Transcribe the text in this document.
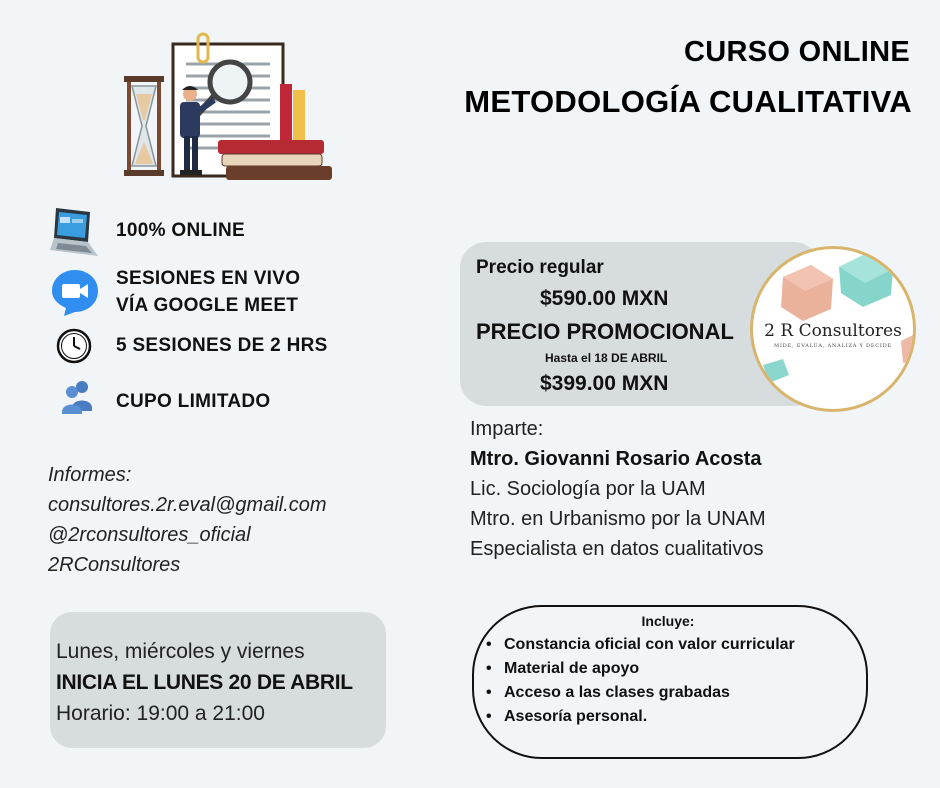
CURSO ONLINE
METODOLOGÍA CUALITATIVA
100% ONLINE
SESIONES EN VIVO
VÍA GOOGLE MEET
5 SESIONES DE 2 HRS
CUPO LIMITADO
Informes:
consultores.2r.eval@gmail.com
@2rconsultores_oficial
2RConsultores
Precio regular
$590.00 MXN
PRECIO PROMOCIONAL
Hasta el 18 DE ABRIL
$399.00 MXN
2 R Consultores
MIDE, EVALÚA, ANALIZA Y DECIDE
Imparte:
Mtro. Giovanni Rosario Acosta
Lic. Sociología por la UAM
Mtro. en Urbanismo por la UNAM
Especialista en datos cualitativos
Lunes, miércoles y viernes
INICIA EL LUNES 20 DE ABRIL
Horario: 19:00 a 21:00
Incluye:
• Constancia oficial con valor curricular
• Material de apoyo
• Acceso a las clases grabadas
• Asesoría personal.
